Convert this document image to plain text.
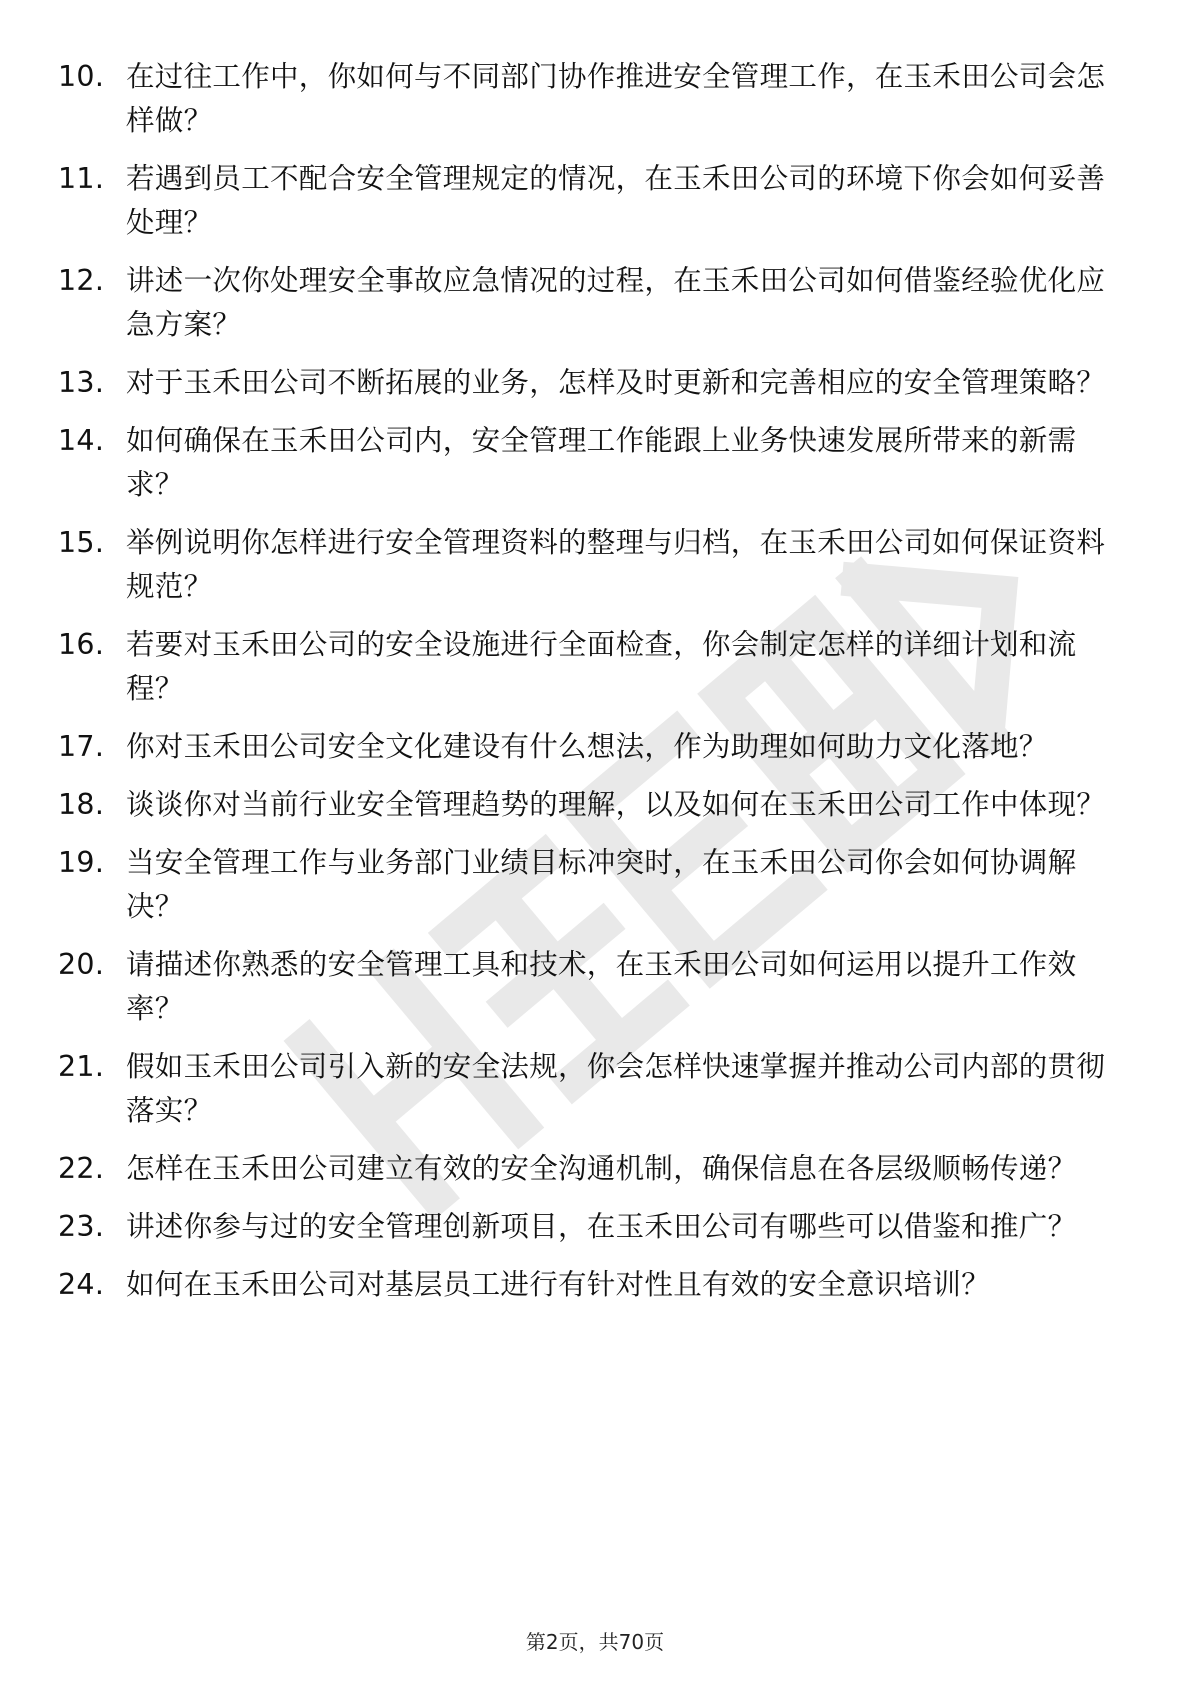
10. 在过往工作中，你如何与不同部门协作推进安全管理工作，在玉禾田公司会怎样做？
11. 若遇到员工不配合安全管理规定的情况，在玉禾田公司的环境下你会如何妥善处理？
12. 讲述一次你处理安全事故应急情况的过程，在玉禾田公司如何借鉴经验优化应急方案？
13. 对于玉禾田公司不断拓展的业务，怎样及时更新和完善相应的安全管理策略？
14. 如何确保在玉禾田公司内，安全管理工作能跟上业务快速发展所带来的新需求？
15. 举例说明你怎样进行安全管理资料的整理与归档，在玉禾田公司如何保证资料规范？
16. 若要对玉禾田公司的安全设施进行全面检查，你会制定怎样的详细计划和流程？
17. 你对玉禾田公司安全文化建设有什么想法，作为助理如何助力文化落地？
18. 谈谈你对当前行业安全管理趋势的理解，以及如何在玉禾田公司工作中体现？
19. 当安全管理工作与业务部门业绩目标冲突时，在玉禾田公司你会如何协调解决？
20. 请描述你熟悉的安全管理工具和技术，在玉禾田公司如何运用以提升工作效率？
21. 假如玉禾田公司引入新的安全法规，你会怎样快速掌握并推动公司内部的贯彻落实？
22. 怎样在玉禾田公司建立有效的安全沟通机制，确保信息在各层级顺畅传递？
23. 讲述你参与过的安全管理创新项目，在玉禾田公司有哪些可以借鉴和推广？
24. 如何在玉禾田公司对基层员工进行有针对性且有效的安全意识培训？
第2页，共70页
